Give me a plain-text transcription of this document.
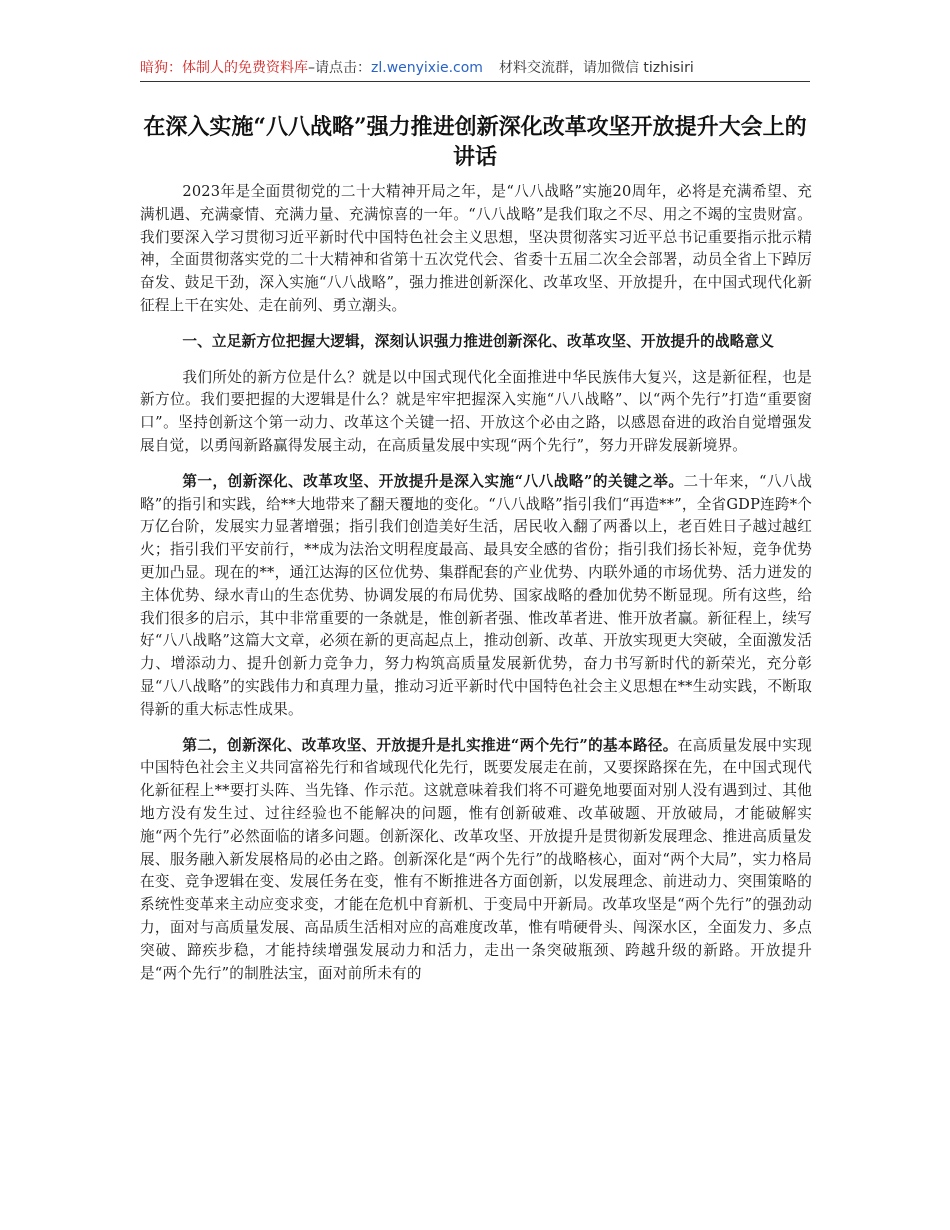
暗狗：体制人的免费资料库–请点击：zl.wenyixie.com 材料交流群，请加微信 tizhisiri
在深入实施“八八战略”强力推进创新深化改革攻坚开放提升大会上的讲话

2023年是全面贯彻党的二十大精神开局之年，是“八八战略”实施20周年，必将是充满希望、充满机遇、充满豪情、充满力量、充满惊喜的一年。“八八战略”是我们取之不尽、用之不竭的宝贵财富。我们要深入学习贯彻习近平新时代中国特色社会主义思想，坚决贯彻落实习近平总书记重要指示批示精神，全面贯彻落实党的二十大精神和省第十五次党代会、省委十五届二次全会部署，动员全省上下踔厉奋发、鼓足干劲，深入实施“八八战略”，强力推进创新深化、改革攻坚、开放提升，在中国式现代化新征程上干在实处、走在前列、勇立潮头。

一、立足新方位把握大逻辑，深刻认识强力推进创新深化、改革攻坚、开放提升的战略意义

我们所处的新方位是什么？就是以中国式现代化全面推进中华民族伟大复兴，这是新征程，也是新方位。我们要把握的大逻辑是什么？就是牢牢把握深入实施“八八战略”、以“两个先行”打造“重要窗口”。坚持创新这个第一动力、改革这个关键一招、开放这个必由之路，以感恩奋进的政治自觉增强发展自觉，以勇闯新路赢得发展主动，在高质量发展中实现“两个先行”，努力开辟发展新境界。

第一，创新深化、改革攻坚、开放提升是深入实施“八八战略”的关键之举。二十年来，“八八战略”的指引和实践，给**大地带来了翻天覆地的变化。“八八战略”指引我们“再造**”，全省GDP连跨*个万亿台阶，发展实力显著增强；指引我们创造美好生活，居民收入翻了两番以上，老百姓日子越过越红火；指引我们平安前行，**成为法治文明程度最高、最具安全感的省份；指引我们扬长补短，竞争优势更加凸显。现在的**，通江达海的区位优势、集群配套的产业优势、内联外通的市场优势、活力迸发的主体优势、绿水青山的生态优势、协调发展的布局优势、国家战略的叠加优势不断显现。所有这些，给我们很多的启示，其中非常重要的一条就是，惟创新者强、惟改革者进、惟开放者赢。新征程上，续写好“八八战略”这篇大文章，必须在新的更高起点上，推动创新、改革、开放实现更大突破，全面激发活力、增添动力、提升创新力竞争力，努力构筑高质量发展新优势，奋力书写新时代的新荣光，充分彰显“八八战略”的实践伟力和真理力量，推动习近平新时代中国特色社会主义思想在**生动实践，不断取得新的重大标志性成果。

第二，创新深化、改革攻坚、开放提升是扎实推进“两个先行”的基本路径。在高质量发展中实现中国特色社会主义共同富裕先行和省域现代化先行，既要发展走在前，又要探路探在先，在中国式现代化新征程上**要打头阵、当先锋、作示范。这就意味着我们将不可避免地要面对别人没有遇到过、其他地方没有发生过、过往经验也不能解决的问题，惟有创新破难、改革破题、开放破局，才能破解实施“两个先行”必然面临的诸多问题。创新深化、改革攻坚、开放提升是贯彻新发展理念、推进高质量发展、服务融入新发展格局的必由之路。创新深化是“两个先行”的战略核心，面对“两个大局”，实力格局在变、竞争逻辑在变、发展任务在变，惟有不断推进各方面创新，以发展理念、前进动力、突围策略的系统性变革来主动应变求变，才能在危机中育新机、于变局中开新局。改革攻坚是“两个先行”的强劲动力，面对与高质量发展、高品质生活相对应的高难度改革，惟有啃硬骨头、闯深水区，全面发力、多点突破、蹄疾步稳，才能持续增强发展动力和活力，走出一条突破瓶颈、跨越升级的新路。开放提升是“两个先行”的制胜法宝，面对前所未有的
